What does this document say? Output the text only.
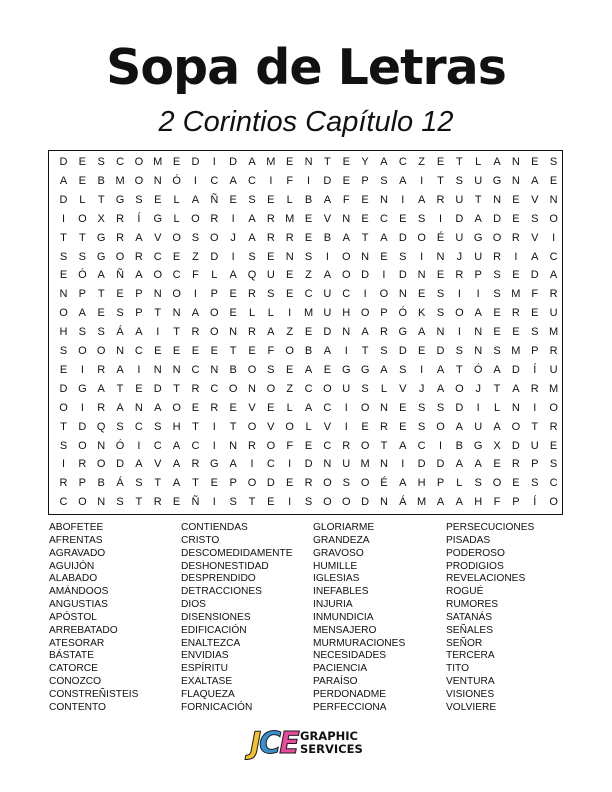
Sopa de Letras
2 Corintios Capítulo 12
D	E	S	C O M E	D	I	D	A M E	N	T	E	Y	A	C	Z	E	T	L	A	N	E	S
A	E	B M O N Ó	I	C	A	C	I	F	I	D	E	P	S	A	I	T	S	U G N	A	E
D	L	T	G S	E	L	A	Ñ	E	S	E	L	B	A	F	E	N	I	A	R U	T	N	E	V	N
I	O X	R	Í	G	L	O R	I	A	R M E	V	N	E	C	E	S	I	D	A	D	E	S O
T	T	G R	A	V O S O	J	A	R R	E	B	A	T	A	D O É	U G O R	V	I
S	S G O R C	E	Z	D	I	S	E	N	S	I	O N	E	S	I	N	J	U R	I	A	C
E Ó A	Ñ	A O C	F	L	A Q U	E	Z	A O D	I	D N	E	R	P	S	E	D	A
N	P	T	E	P	N O	I	P	E	R	S	E	C U C	I	O N	E	S	I	I	S M F	R
O A	E	S	P	T	N	A O E	L	L	I	M U H O P Ó K	S O A	E	R	E	U
H	S	S	Á	A	I	T	R O N R	A	Z	E	D N	A	R G A	N	I	N	E	E	S M
S O O N C	E	E	E	E	T	E	F	O B	A	I	T	S	D	E	D	S	N	S M P	R
E	I	R	A	I	N N C N	B O S	E	A	E G G A	S	I	A	T	Ó A	D	Í	U
D G A	T	E	D	T	R C O N O	Z	C O U	S	L	V	J	A O	J	T	A	R M
O	I	R	A	N	A O E	R	E	V	E	L	A	C	I	O N	E	S	S	D	I	L	N	I	O
T	D Q S	C	S	H	T	I	T	O V O	L	V	I	E	R	E	S O A	U	A O	T	R
S O N Ó	I	C	A	C	I	N R O	F	E	C R O	T	A	C	I	B G X	D U	E
I	R O D	A	V	A	R G A	I	C	I	D N U M N	I	D D	A	A	E	R	P	S
R	P	B	Á	S	T	A	T	E	P O D	E	R O S O É	A	H	P	L	S O E	S	C
C O N	S	T	R	E	Ñ	I	S	T	E	I	S O O D N	Á M A	A	H	F	P	Í	O
ABOFETEE
AFRENTAS
AGRAVADO
AGUIJÓN
ALABADO
AMÁNDOOS
ANGUSTIAS
APÓSTOL
ARREBATADO
ATESORAR
BÁSTATE
CATORCE
CONOZCO
CONSTREÑISTEIS
CONTENTO
CONTIENDAS
CRISTO
DESCOMEDIDAMENTE
DESHONESTIDAD
DESPRENDIDO
DETRACCIONES
DIOS
DISENSIONES
EDIFICACIÓN
ENALTEZCA
ENVIDIAS
ESPÍRITU
EXALTASE
FLAQUEZA
FORNICACIÓN
GLORIARME
GRANDEZA
GRAVOSO
HUMILLE
IGLESIAS
INEFABLES
INJURIA
INMUNDICIA
MENSAJERO
MURMURACIONES
NECESIDADES
PACIENCIA
PARAÍSO
PERDONADME
PERFECCIONA
PERSECUCIONES
PISADAS
PODEROSO
PRODIGIOS
REVELACIONES
ROGUÉ
RUMORES
SATANÁS
SEÑALES
SEÑOR
TERCERA
TITO
VENTURA
VISIONES
VOLVIERE
JCE GRAPHIC
SERVICES
